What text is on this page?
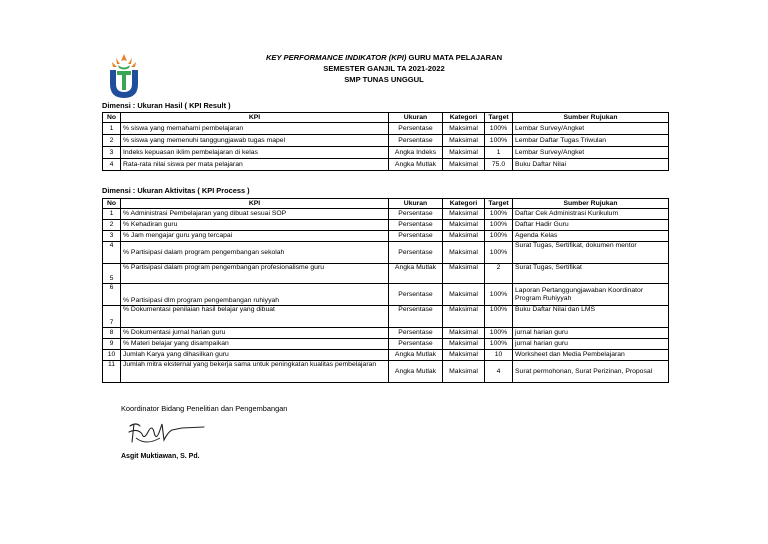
KEY PERFORMANCE INDIKATOR (KPI) GURU MATA PELAJARAN
SEMESTER GANJIL TA 2021-2022
SMP TUNAS UNGGUL
Dimensi : Ukuran Hasil ( KPI Result )
No	KPI	Ukuran	Kategori	Target	Sumber Rujukan
1	% siswa yang memahami pembelajaran	Persentase	Maksimal	100%	Lembar Survey/Angket
2	% siswa yang memenuhi tanggungjawab tugas mapel	Persentase	Maksimal	100%	Lembar Daftar Tugas Triwulan
3	Indeks kepuasan iklim pembelajaran di kelas	Angka Indeks	Maksimal	1	Lembar Survey/Angket
4	Rata-rata nilai siswa per mata pelajaran	Angka Mutlak	Maksimal	75.0	Buku Daftar Nilai
Dimensi : Ukuran Aktivitas ( KPI Process )
No	KPI	Ukuran	Kategori	Target	Sumber Rujukan
1	% Administrasi Pembelajaran yang dibuat sesuai SOP	Persentase	Maksimal	100%	Daftar Cek Administrasi Kurikulum
2	% Kehadiran guru	Persentase	Maksimal	100%	Daftar Hadir Guru
3	% Jam mengajar guru yang tercapai	Persentase	Maksimal	100%	Agenda Kelas
4	% Partisipasi dalam program pengembangan sekolah	Persentase	Maksimal	100%	Surat Tugas, Sertifikat, dokumen mentor
5	% Partisipasi dalam program pengembangan profesionalisme guru	Angka Mutlak	Maksimal	2	Surat Tugas, Sertifikat
6	% Partisipasi dlm program pengembangan ruhiyyah	Persentase	Maksimal	100%	Laporan Pertanggungjawaban Koordinator Program Ruhiyyah
7	% Dokumentasi penilaian hasil belajar yang dibuat	Persentase	Maksimal	100%	Buku Daftar Nilai dan LMS
8	% Dokumentasi jurnal harian guru	Persentase	Maksimal	100%	jurnal harian guru
9	% Materi belajar yang disampaikan	Persentase	Maksimal	100%	jurnal harian guru
10	Jumlah Karya yang dihasilkan guru	Angka Mutlak	Maksimal	10	Worksheet dan Media Pembelajaran
11	Jumlah mitra eksternal yang bekerja sama untuk peningkatan kualitas pembelajaran	Angka Mutlak	Maksimal	4	Surat permohonan, Surat Perizinan, Proposal
Koordinator Bidang Penelitian dan Pengembangan
Asgit Muktiawan, S. Pd.
